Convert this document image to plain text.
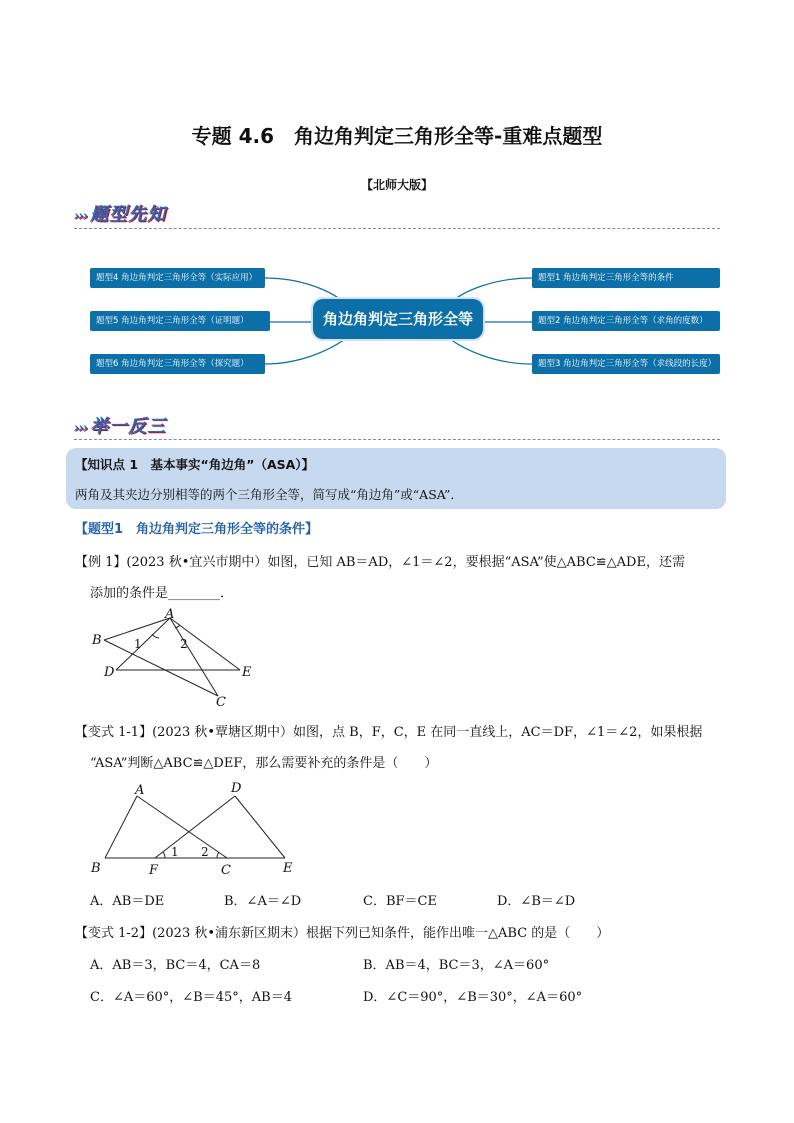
专题 4.6　角边角判定三角形全等-重难点题型
【北师大版】
››› 题型先知
题型4 角边角判定三角形全等（实际应用）
题型5 角边角判定三角形全等（证明题）
题型6 角边角判定三角形全等（探究题）
角边角判定三角形全等
题型1 角边角判定三角形全等的条件
题型2 角边角判定三角形全等（求角的度数）
题型3 角边角判定三角形全等（求线段的长度）
››› 举一反三
【知识点 1　基本事实“角边角”（ASA）】
两角及其夹边分别相等的两个三角形全等，简写成“角边角”或“ASA”．
【题型1　角边角判定三角形全等的条件】
【例 1】(2023 秋•宜兴市期中）如图，已知 AB＝AD，∠1＝∠2，要根据“ASA”使△ABC≌△ADE，还需
添加的条件是________．
A
B
D	E
C
1	2
【变式 1-1】(2023 秋•覃塘区期中）如图，点 B，F，C，E 在同一直线上，AC＝DF，∠1＝∠2，如果根据
“ASA”判断△ABC≌△DEF，那么需要补充的条件是（　　）
A	D
B	F	C	E
1 2
A．AB＝DE	B．∠A＝∠D	C．BF＝CE	D．∠B＝∠D
【变式 1-2】(2023 秋•浦东新区期末）根据下列已知条件，能作出唯一△ABC 的是（　　）
A．AB＝3，BC＝4，CA＝8	B．AB＝4，BC＝3，∠A＝60°
C．∠A＝60°，∠B＝45°，AB＝4	D．∠C＝90°，∠B＝30°，∠A＝60°
